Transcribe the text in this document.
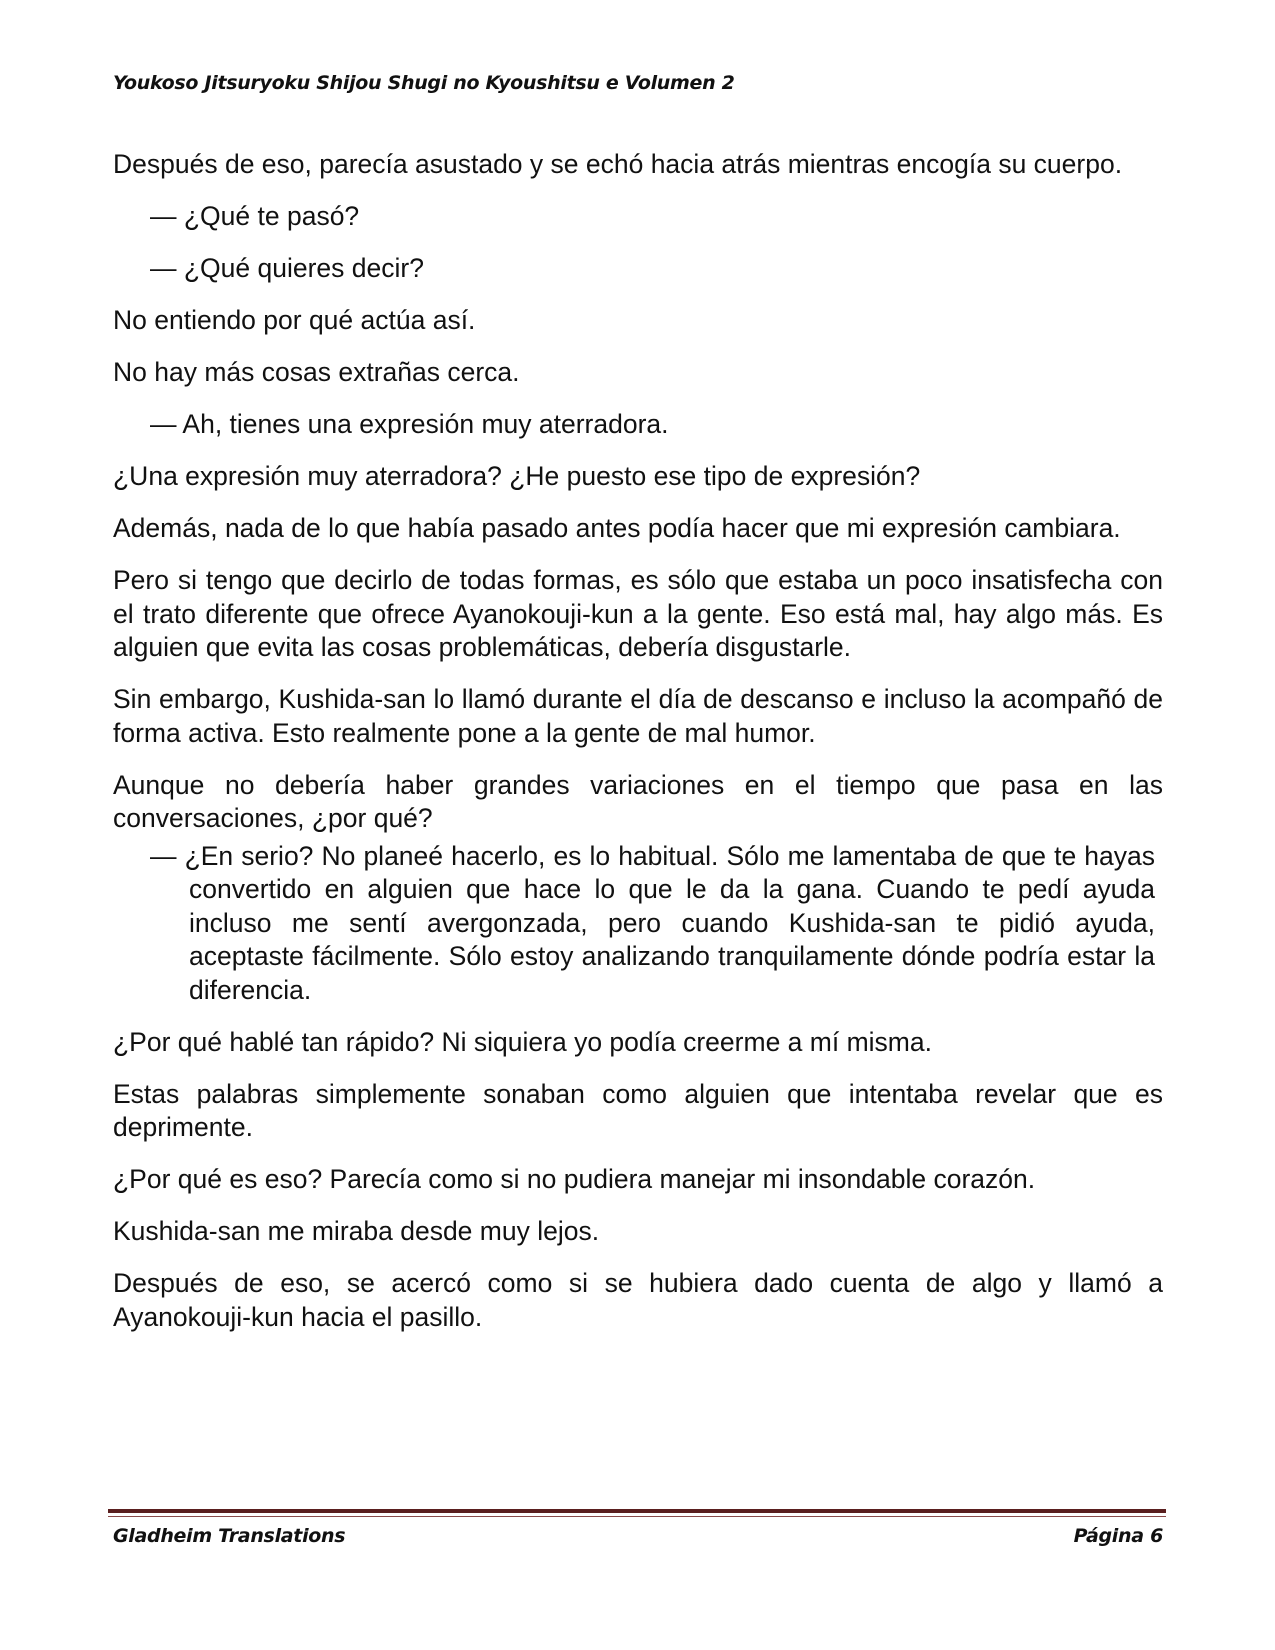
Youkoso Jitsuryoku Shijou Shugi no Kyoushitsu e Volumen 2

Después de eso, parecía asustado y se echó hacia atrás mientras encogía su cuerpo.

— ¿Qué te pasó?

— ¿Qué quieres decir?

No entiendo por qué actúa así.

No hay más cosas extrañas cerca.

— Ah, tienes una expresión muy aterradora.

¿Una expresión muy aterradora? ¿He puesto ese tipo de expresión?

Además, nada de lo que había pasado antes podía hacer que mi expresión cambiara.

Pero si tengo que decirlo de todas formas, es sólo que estaba un poco insatisfecha con el trato diferente que ofrece Ayanokouji-kun a la gente. Eso está mal, hay algo más. Es alguien que evita las cosas problemáticas, debería disgustarle.

Sin embargo, Kushida-san lo llamó durante el día de descanso e incluso la acompañó de forma activa. Esto realmente pone a la gente de mal humor.

Aunque no debería haber grandes variaciones en el tiempo que pasa en las conversaciones, ¿por qué?

— ¿En serio? No planeé hacerlo, es lo habitual. Sólo me lamentaba de que te hayas convertido en alguien que hace lo que le da la gana. Cuando te pedí ayuda incluso me sentí avergonzada, pero cuando Kushida-san te pidió ayuda, aceptaste fácilmente. Sólo estoy analizando tranquilamente dónde podría estar la diferencia.

¿Por qué hablé tan rápido? Ni siquiera yo podía creerme a mí misma.

Estas palabras simplemente sonaban como alguien que intentaba revelar que es deprimente.

¿Por qué es eso? Parecía como si no pudiera manejar mi insondable corazón.

Kushida-san me miraba desde muy lejos.

Después de eso, se acercó como si se hubiera dado cuenta de algo y llamó a Ayanokouji-kun hacia el pasillo.

Gladheim Translations	Página 6
